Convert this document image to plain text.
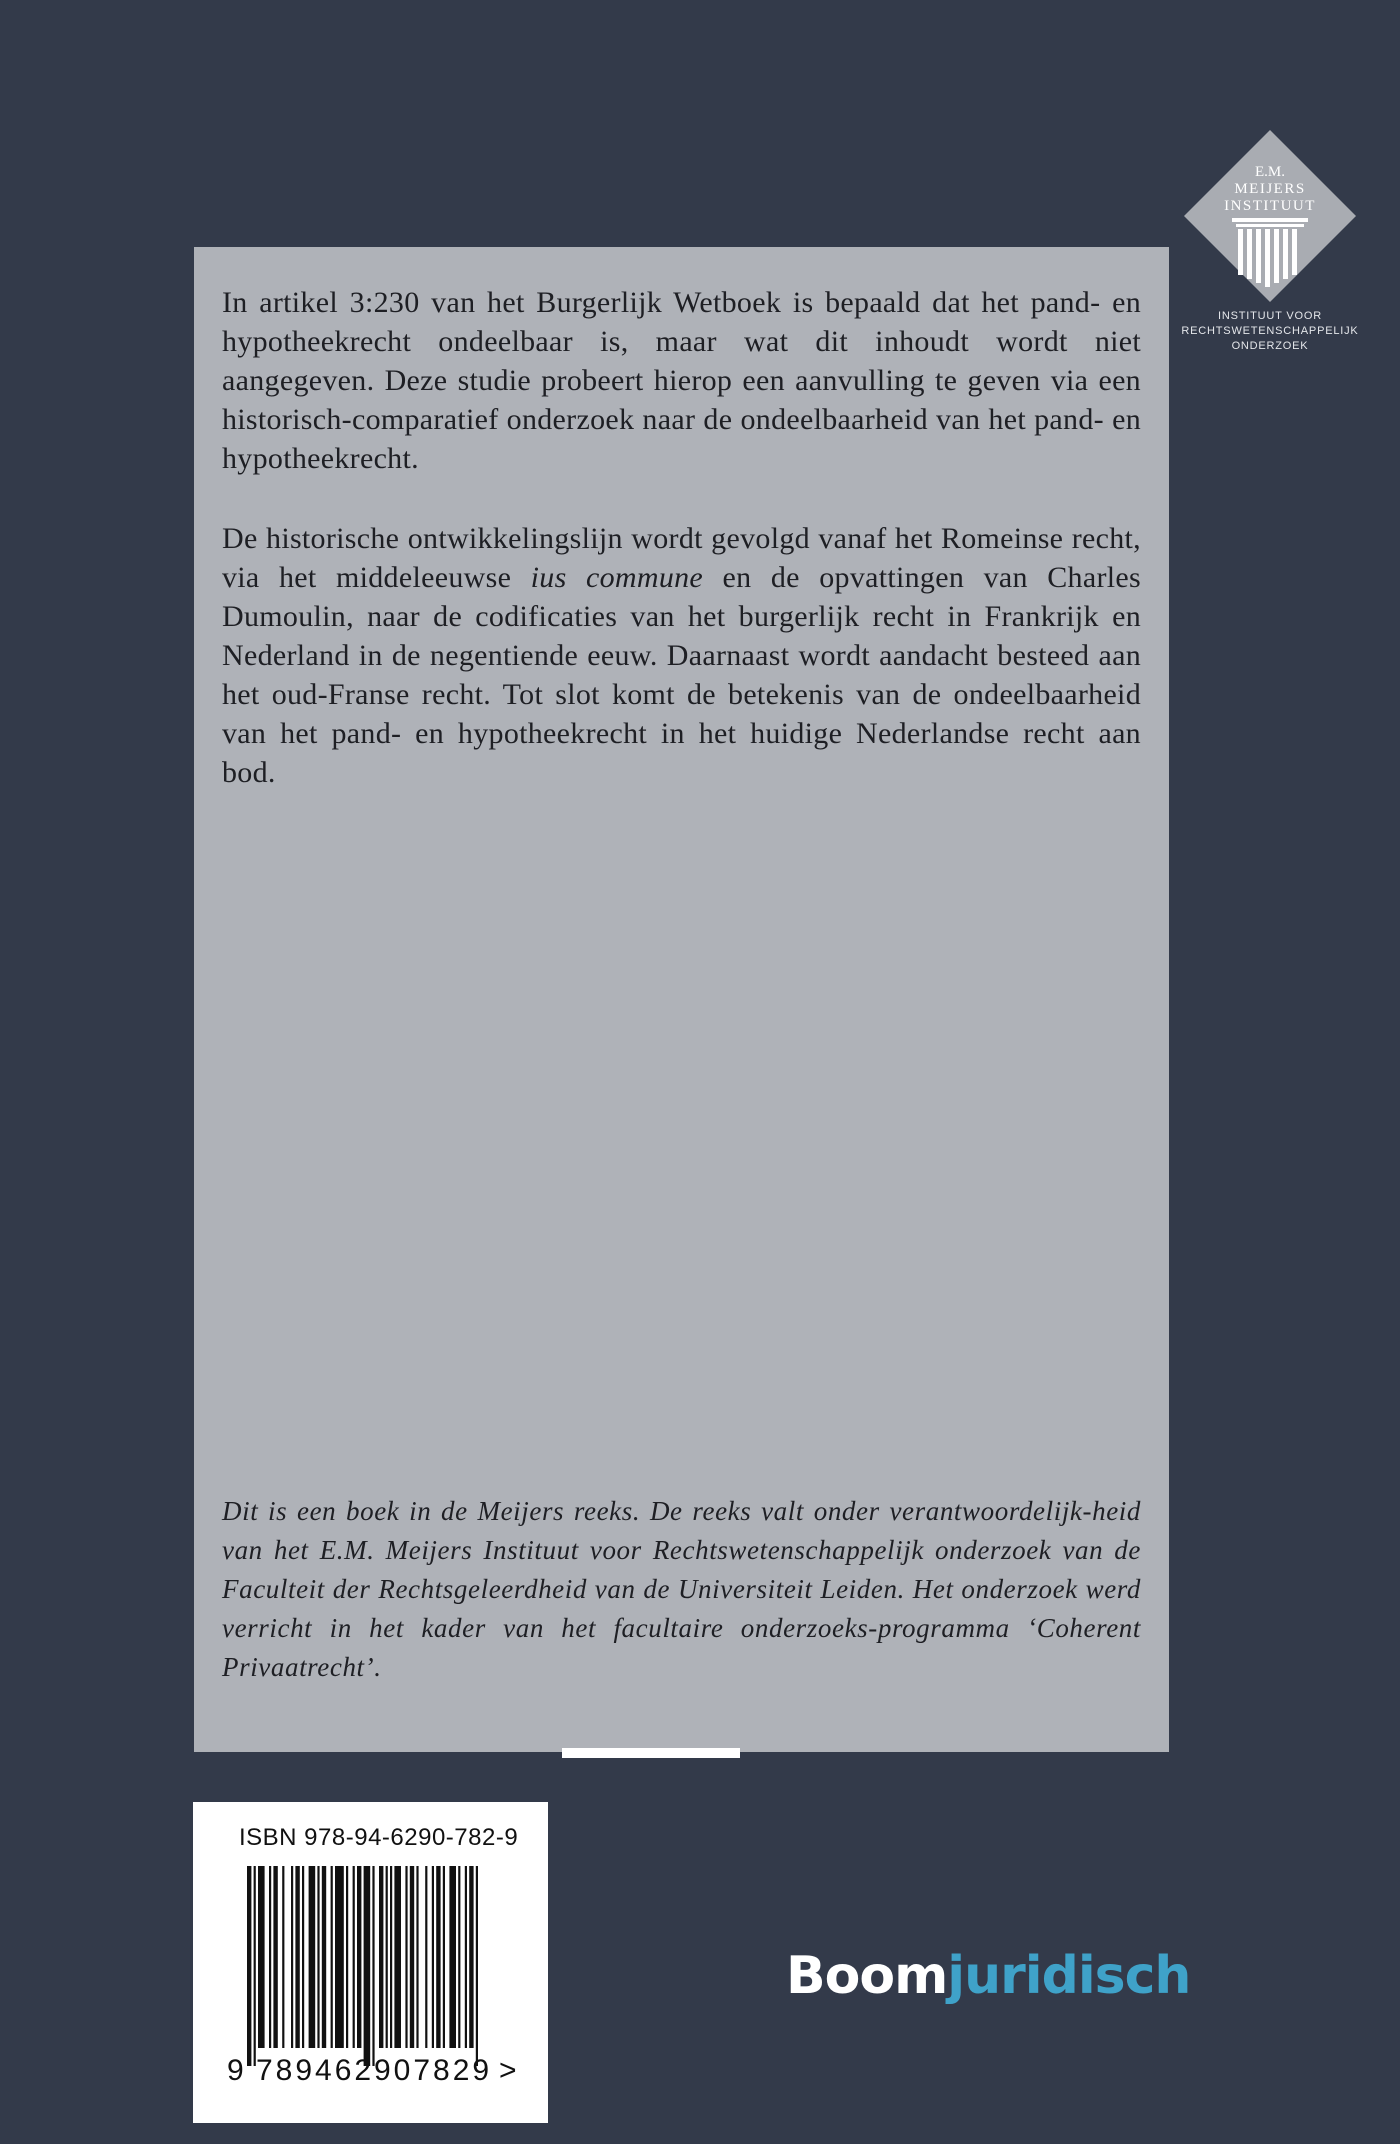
E.M.
MEIJERS
INSTITUUT
INSTITUUT VOOR
RECHTSWETENSCHAPPELIJK
ONDERZOEK

In artikel 3:230 van het Burgerlijk Wetboek is bepaald dat het pand- en hypotheekrecht ondeelbaar is, maar wat dit inhoudt wordt niet aangegeven. Deze studie probeert hierop een aanvulling te geven via een historisch-comparatief onderzoek naar de ondeelbaarheid van het pand- en hypotheekrecht.

De historische ontwikkelingslijn wordt gevolgd vanaf het Romeinse recht, via het middeleeuwse ius commune en de opvattingen van Charles Dumoulin, naar de codificaties van het burgerlijk recht in Frankrijk en Nederland in de negentiende eeuw. Daarnaast wordt aandacht besteed aan het oud-Franse recht. Tot slot komt de betekenis van de ondeelbaarheid van het pand- en hypotheekrecht in het huidige Nederlandse recht aan bod.

Dit is een boek in de Meijers reeks. De reeks valt onder verantwoordelijk-heid van het E.M. Meijers Instituut voor Rechtswetenschappelijk onderzoek van de Faculteit der Rechtsgeleerdheid van de Universiteit Leiden. Het onderzoek werd verricht in het kader van het facultaire onderzoeks-programma ‘Coherent Privaatrecht’.

ISBN 978-94-6290-782-9
9 789462 907829 >
Boomjuridisch
